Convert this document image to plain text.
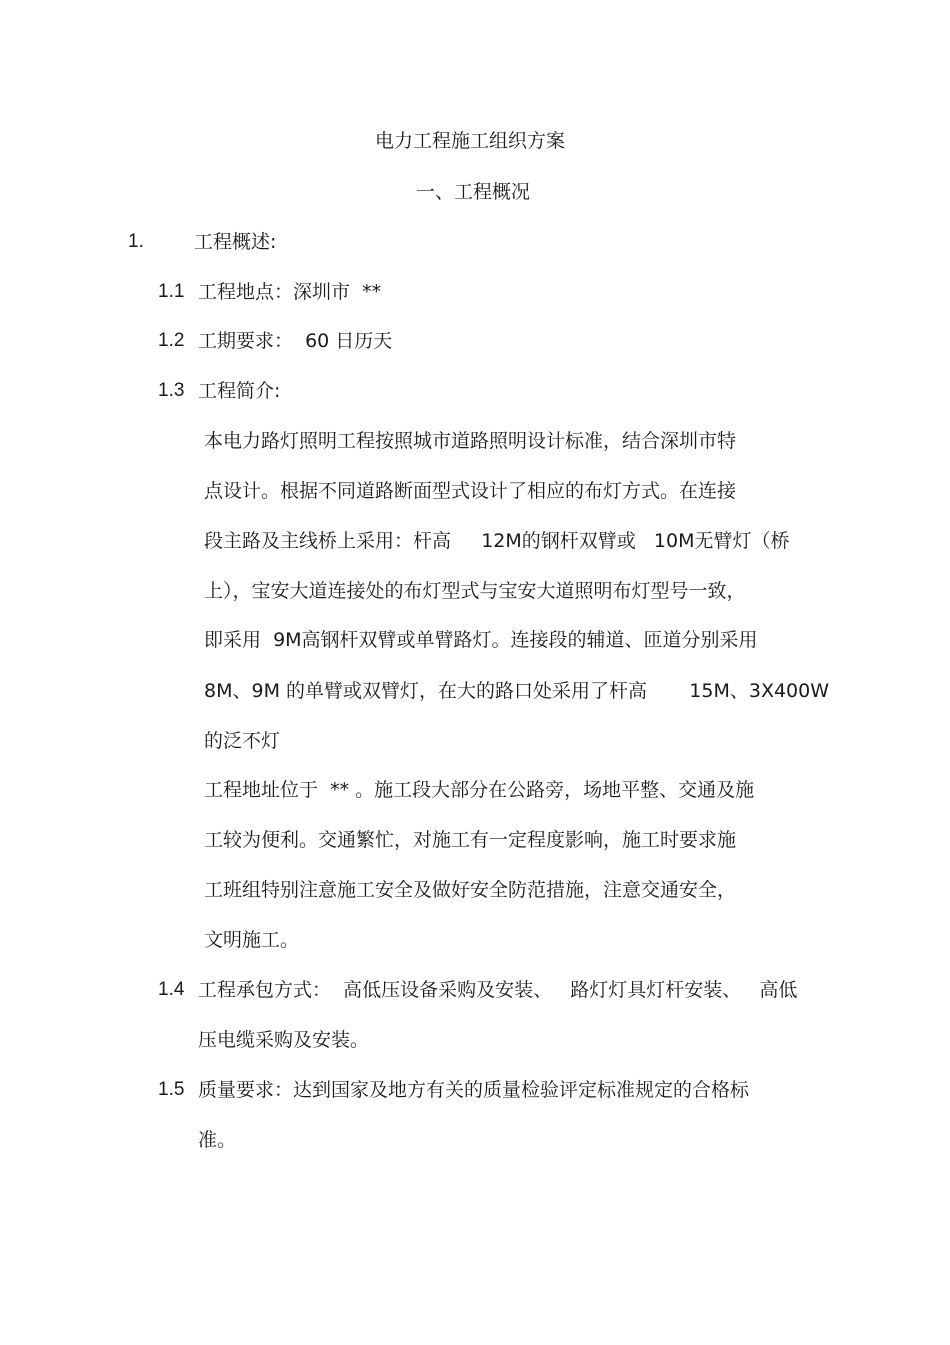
电力工程施工组织方案
一、工程概况
1.	工程概述:
1.1 工程地点：深圳市  **
1.2 工期要求：  60 日历天
1.3 工程简介:
本电力路灯照明工程按照城市道路照明设计标准，结合深圳市特
点设计。根据不同道路断面型式设计了相应的布灯方式。在连接
段主路及主线桥上采用：杆高     12M的钢杆双臂或   10M无臂灯（桥
上），宝安大道连接处的布灯型式与宝安大道照明布灯型号一致，
即采用  9M高钢杆双臂或单臂路灯。连接段的辅道、匝道分别采用
8M、9M 的单臂或双臂灯，在大的路口处采用了杆高       15M、3X400W
的泛不灯
工程地址位于  ** 。施工段大部分在公路旁，场地平整、交通及施
工较为便利。交通繁忙，对施工有一定程度影响，施工时要求施
工班组特别注意施工安全及做好安全防范措施，注意交通安全，
文明施工。
1.4 工程承包方式：  高低压设备采购及安装、   路灯灯具灯杆安装、   高低
压电缆采购及安装。
1.5 质量要求：达到国家及地方有关的质量检验评定标准规定的合格标
准。
